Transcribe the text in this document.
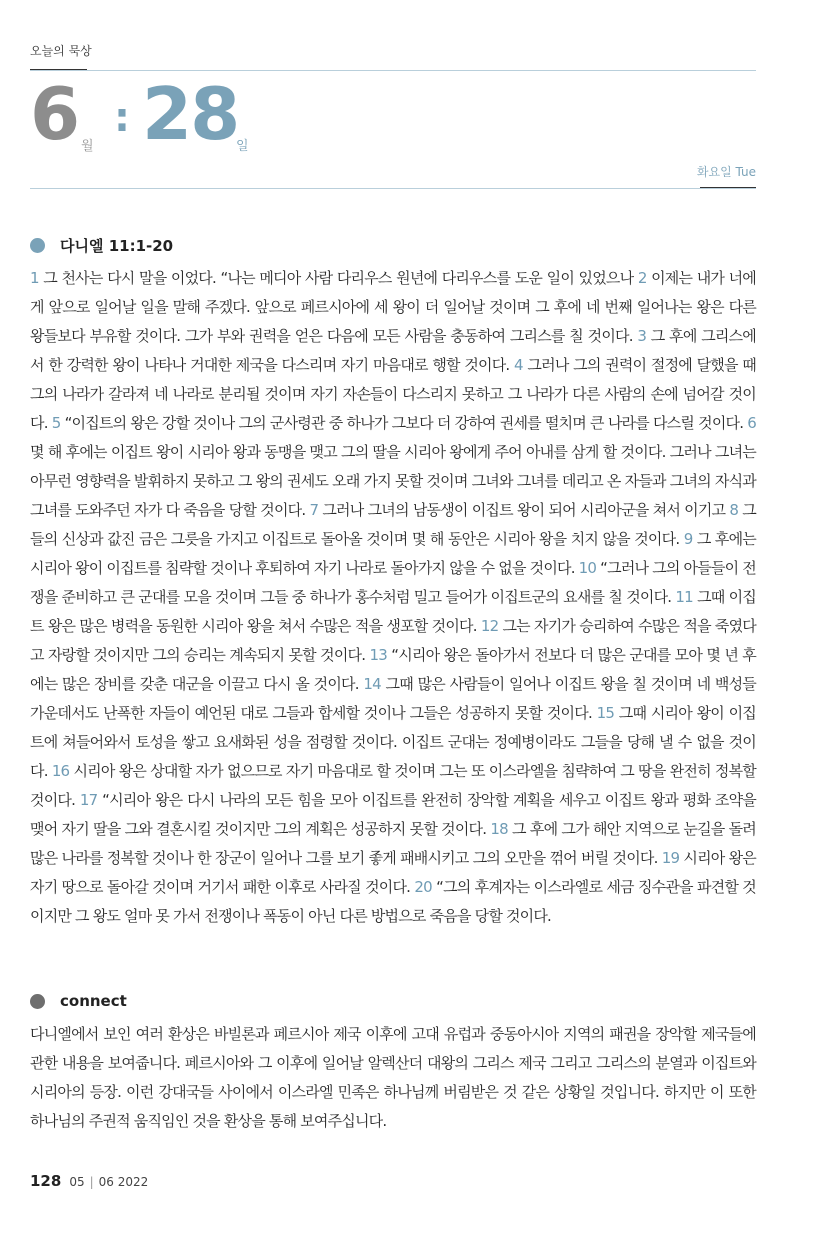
오늘의 묵상
6 월
: 28
일
화요일 Tue
다니엘 11:1-20

1 그 천사는 다시 말을 이었다. “나는 메디아 사람 다리우스 원년에 다리우스를 도운 일이 있었으나 2 이제는 내가 너에게 앞으로 일어날 일을 말해 주겠다. 앞으로 페르시아에 세 왕이 더 일어날 것이며 그 후에 네 번째 일어나는 왕은 다른 왕들보다 부유할 것이다. 그가 부와 권력을 얻은 다음에 모든 사람을 충동하여 그리스를 칠 것이다. 3 그 후에 그리스에서 한 강력한 왕이 나타나 거대한 제국을 다스리며 자기 마음대로 행할 것이다. 4 그러나 그의 권력이 절정에 달했을 때 그의 나라가 갈라져 네 나라로 분리될 것이며 자기 자손들이 다스리지 못하고 그 나라가 다른 사람의 손에 넘어갈 것이다. 5 “이집트의 왕은 강할 것이나 그의 군사령관 중 하나가 그보다 더 강하여 권세를 떨치며 큰 나라를 다스릴 것이다. 6 몇 해 후에는 이집트 왕이 시리아 왕과 동맹을 맺고 그의 딸을 시리아 왕에게 주어 아내를 삼게 할 것이다. 그러나 그녀는 아무런 영향력을 발휘하지 못하고 그 왕의 권세도 오래 가지 못할 것이며 그녀와 그녀를 데리고 온 자들과 그녀의 자식과 그녀를 도와주던 자가 다 죽음을 당할 것이다. 7 그러나 그녀의 남동생이 이집트 왕이 되어 시리아군을 쳐서 이기고 8 그들의 신상과 값진 금은 그릇을 가지고 이집트로 돌아올 것이며 몇 해 동안은 시리아 왕을 치지 않을 것이다. 9 그 후에는 시리아 왕이 이집트를 침략할 것이나 후퇴하여 자기 나라로 돌아가지 않을 수 없을 것이다. 10 “그러나 그의 아들들이 전쟁을 준비하고 큰 군대를 모을 것이며 그들 중 하나가 홍수처럼 밀고 들어가 이집트군의 요새를 칠 것이다. 11 그때 이집트 왕은 많은 병력을 동원한 시리아 왕을 쳐서 수많은 적을 생포할 것이다. 12 그는 자기가 승리하여 수많은 적을 죽였다고 자랑할 것이지만 그의 승리는 계속되지 못할 것이다. 13 “시리아 왕은 돌아가서 전보다 더 많은 군대를 모아 몇 년 후에는 많은 장비를 갖춘 대군을 이끌고 다시 올 것이다. 14 그때 많은 사람들이 일어나 이집트 왕을 칠 것이며 네 백성들 가운데서도 난폭한 자들이 예언된 대로 그들과 합세할 것이나 그들은 성공하지 못할 것이다. 15 그때 시리아 왕이 이집트에 쳐들어와서 토성을 쌓고 요새화된 성을 점령할 것이다. 이집트 군대는 정예병이라도 그들을 당해 낼 수 없을 것이다. 16 시리아 왕은 상대할 자가 없으므로 자기 마음대로 할 것이며 그는 또 이스라엘을 침략하여 그 땅을 완전히 정복할 것이다. 17 “시리아 왕은 다시 나라의 모든 힘을 모아 이집트를 완전히 장악할 계획을 세우고 이집트 왕과 평화 조약을 맺어 자기 딸을 그와 결혼시킬 것이지만 그의 계획은 성공하지 못할 것이다. 18 그 후에 그가 해안 지역으로 눈길을 돌려 많은 나라를 정복할 것이나 한 장군이 일어나 그를 보기 좋게 패배시키고 그의 오만을 꺾어 버릴 것이다. 19 시리아 왕은 자기 땅으로 돌아갈 것이며 거기서 패한 이후로 사라질 것이다. 20 “그의 후계자는 이스라엘로 세금 징수관을 파견할 것이지만 그 왕도 얼마 못 가서 전쟁이나 폭동이 아닌 다른 방법으로 죽음을 당할 것이다.

connect

다니엘에서 보인 여러 환상은 바빌론과 페르시아 제국 이후에 고대 유럽과 중동아시아 지역의 패권을 장악할 제국들에 관한 내용을 보여줍니다. 페르시아와 그 이후에 일어날 알렉산더 대왕의 그리스 제국 그리고 그리스의 분열과 이집트와 시리아의 등장. 이런 강대국들 사이에서 이스라엘 민족은 하나님께 버림받은 것 같은 상황일 것입니다. 하지만 이 또한 하나님의 주권적 움직임인 것을 환상을 통해 보여주십니다.

128 05 | 06 2022
